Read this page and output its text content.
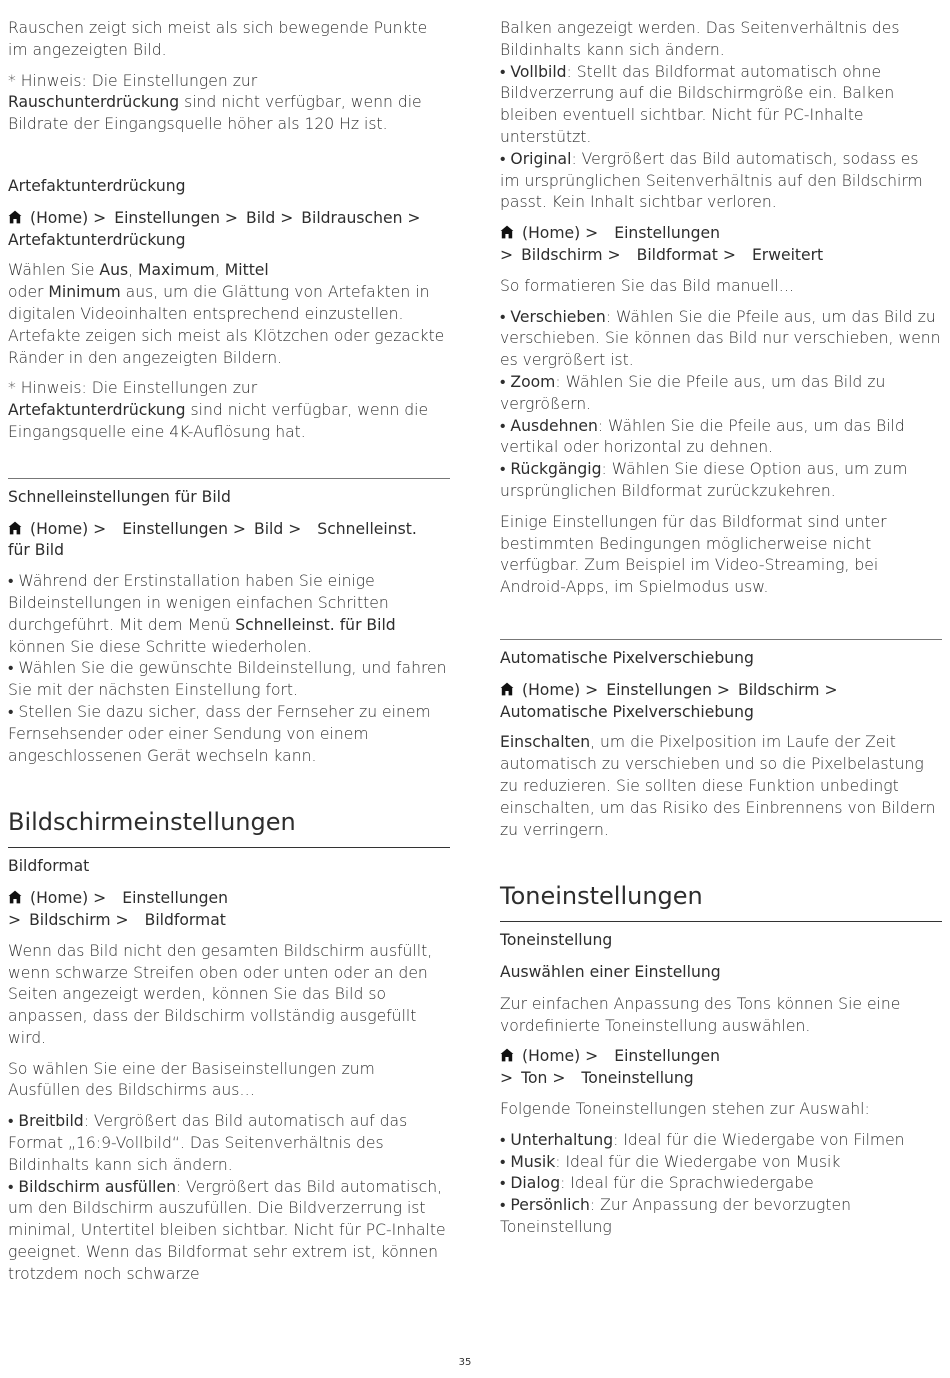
Rauschen zeigt sich meist als sich bewegende Punkte im angezeigten Bild.

* Hinweis: Die Einstellungen zur
Rauschunterdrückung sind nicht verfügbar, wenn die Bildrate der Eingangsquelle höher als 120 Hz ist.

Artefaktunterdrückung
(Home) > Einstellungen > Bild > Bildrauschen >
Artefaktunterdrückung

Wählen Sie Aus, Maximum, Mittel
oder Minimum aus, um die Glättung von Artefakten in digitalen Videoinhalten entsprechend einzustellen. Artefakte zeigen sich meist als Klötzchen oder gezackte Ränder in den angezeigten Bildern.

* Hinweis: Die Einstellungen zur
Artefaktunterdrückung sind nicht verfügbar, wenn die Eingangsquelle eine 4K-Auflösung hat.

Schnelleinstellungen für Bild
(Home) > Einstellungen > Bild > Schnelleinst.
für Bild

• Während der Erstinstallation haben Sie einige Bildeinstellungen in wenigen einfachen Schritten durchgeführt. Mit dem Menü Schnelleinst. für Bild können Sie diese Schritte wiederholen.

• Wählen Sie die gewünschte Bildeinstellung, und fahren Sie mit der nächsten Einstellung fort.

• Stellen Sie dazu sicher, dass der Fernseher zu einem Fernsehsender oder einer Sendung von einem angeschlossenen Gerät wechseln kann.

Bildschirmeinstellungen
Bildformat
(Home) > Einstellungen
> Bildschirm > Bildformat

Wenn das Bild nicht den gesamten Bildschirm ausfüllt, wenn schwarze Streifen oben oder unten oder an den Seiten angezeigt werden, können Sie das Bild so anpassen, dass der Bildschirm vollständig ausgefüllt wird.

So wählen Sie eine der Basiseinstellungen zum Ausfüllen des Bildschirms aus…

• Breitbild: Vergrößert das Bild automatisch auf das Format „16:9-Vollbild“. Das Seitenverhältnis des Bildinhalts kann sich ändern.

• Bildschirm ausfüllen: Vergrößert das Bild automatisch, um den Bildschirm auszufüllen. Die Bildverzerrung ist minimal, Untertitel bleiben sichtbar. Nicht für PC-Inhalte geeignet. Wenn das Bildformat sehr extrem ist, können trotzdem noch schwarze

Balken angezeigt werden. Das Seitenverhältnis des Bildinhalts kann sich ändern.

• Vollbild: Stellt das Bildformat automatisch ohne Bildverzerrung auf die Bildschirmgröße ein. Balken bleiben eventuell sichtbar. Nicht für PC-Inhalte unterstützt.

• Original: Vergrößert das Bild automatisch, sodass es im ursprünglichen Seitenverhältnis auf den Bildschirm passt. Kein Inhalt sichtbar verloren.

(Home) > Einstellungen
> Bildschirm > Bildformat > Erweitert

So formatieren Sie das Bild manuell…

• Verschieben: Wählen Sie die Pfeile aus, um das Bild zu verschieben. Sie können das Bild nur verschieben, wenn es vergrößert ist.

• Zoom: Wählen Sie die Pfeile aus, um das Bild zu vergrößern.

• Ausdehnen: Wählen Sie die Pfeile aus, um das Bild vertikal oder horizontal zu dehnen.

• Rückgängig: Wählen Sie diese Option aus, um zum ursprünglichen Bildformat zurückzukehren.

Einige Einstellungen für das Bildformat sind unter bestimmten Bedingungen möglicherweise nicht verfügbar. Zum Beispiel im Video-Streaming, bei Android-Apps, im Spielmodus usw.

Automatische Pixelverschiebung
(Home) > Einstellungen > Bildschirm >
Automatische Pixelverschiebung

Einschalten, um die Pixelposition im Laufe der Zeit automatisch zu verschieben und so die Pixelbelastung zu reduzieren. Sie sollten diese Funktion unbedingt einschalten, um das Risiko des Einbrennens von Bildern zu verringern.

Toneinstellungen
Toneinstellung
Auswählen einer Einstellung

Zur einfachen Anpassung des Tons können Sie eine vordefinierte Toneinstellung auswählen.

(Home) > Einstellungen
> Ton > Toneinstellung

Folgende Toneinstellungen stehen zur Auswahl:

• Unterhaltung: Ideal für die Wiedergabe von Filmen

• Musik: Ideal für die Wiedergabe von Musik

• Dialog: Ideal für die Sprachwiedergabe

• Persönlich: Zur Anpassung der bevorzugten Toneinstellung

35
